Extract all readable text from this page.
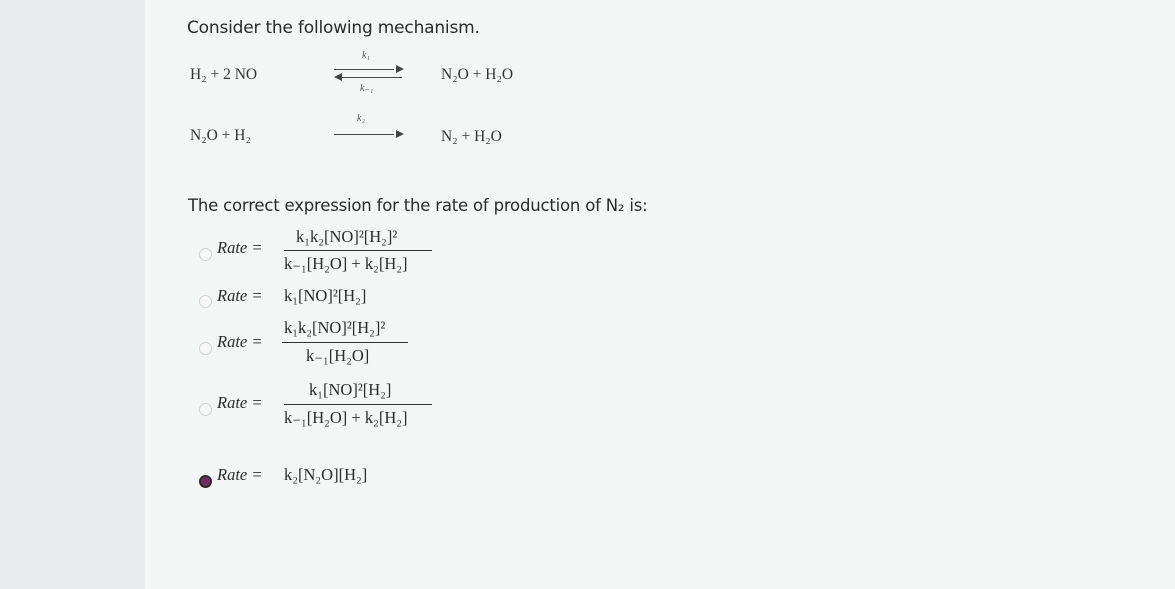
Consider the following mechanism.
H₂ + 2 NO
k₁
k₋₁
N₂O + H₂O
N₂O + H₂
k₂
N₂ + H₂O
The correct expression for the rate of production of N₂ is:
Rate =
k₁k₂[NO]²[H₂]²
k₋₁[H₂O] + k₂[H₂]
Rate = k₁[NO]²[H₂]
Rate =
k₁k₂[NO]²[H₂]²
k₋₁[H₂O]
Rate =
k₁[NO]²[H₂]
k₋₁[H₂O] + k₂[H₂]
Rate = k₂[N₂O][H₂]
